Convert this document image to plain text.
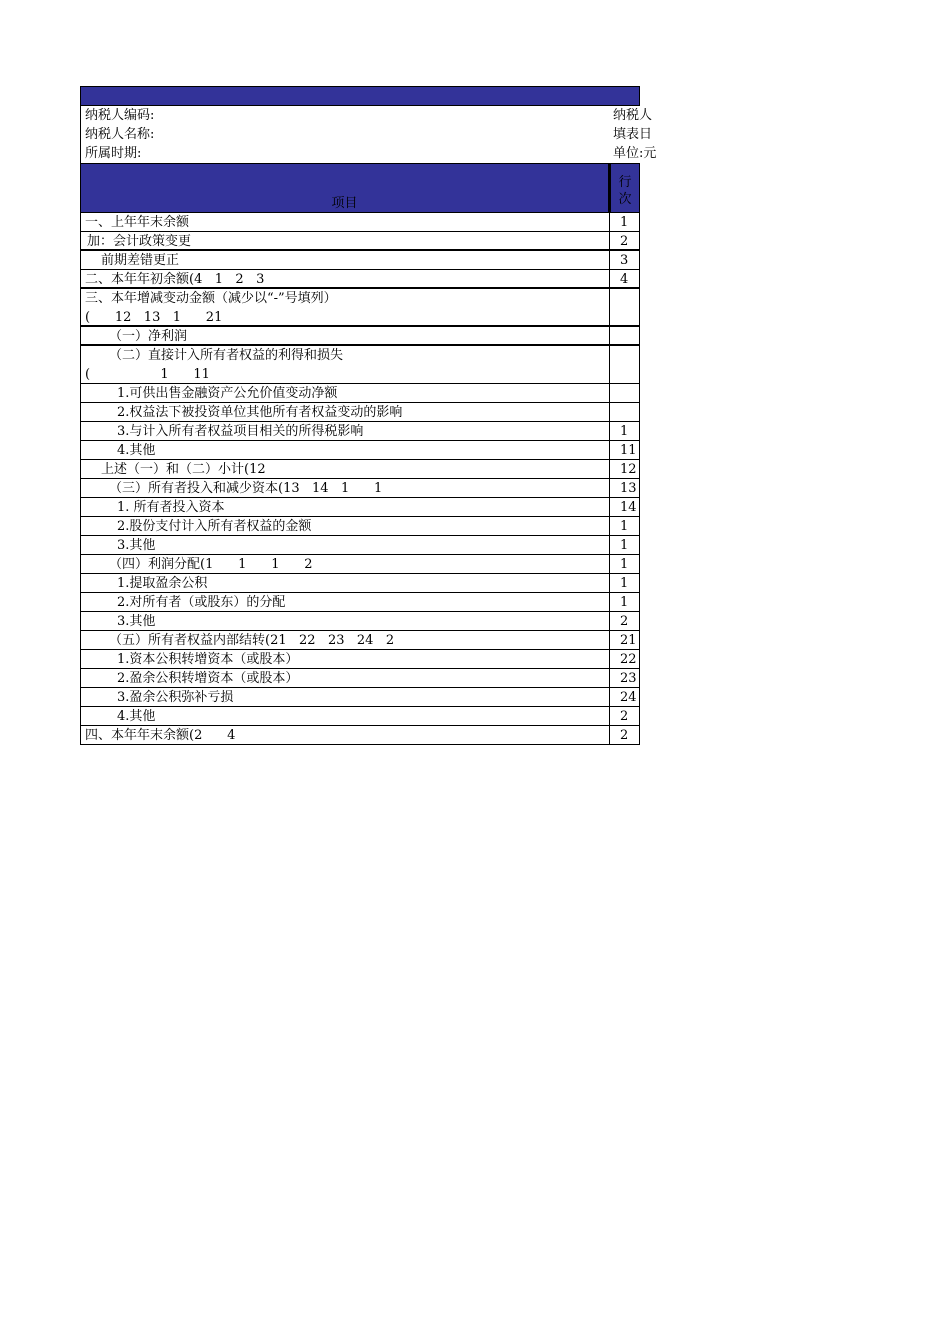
纳税人编码:
纳税人名称:
所属时期:
纳税人
填表日
单位:元
项目
行
次
一、上年年末余额	1
加：会计政策变更	2
前期差错更正	3
二、本年年初余额(4   1   2   3	4
三、本年增减变动金额（减少以“-”号填列）
(      12   13   1      21
（一）净利润
（二）直接计入所有者权益的利得和损失
(                 1      11
1.可供出售金融资产公允价值变动净额
2.权益法下被投资单位其他所有者权益变动的影响
3.与计入所有者权益项目相关的所得税影响	1
4.其他	11
上述（一）和（二）小计(12	12
（三）所有者投入和减少资本(13   14   1      1	13
1. 所有者投入资本	14
2.股份支付计入所有者权益的金额	1
3.其他	1
（四）利润分配(1      1      1      2	1
1.提取盈余公积	1
2.对所有者（或股东）的分配	1
3.其他	2
（五）所有者权益内部结转(21   22   23   24   2	21
1.资本公积转增资本（或股本）	22
2.盈余公积转增资本（或股本）	23
3.盈余公积弥补亏损	24
4.其他	2
四、本年年末余额(2      4	2
